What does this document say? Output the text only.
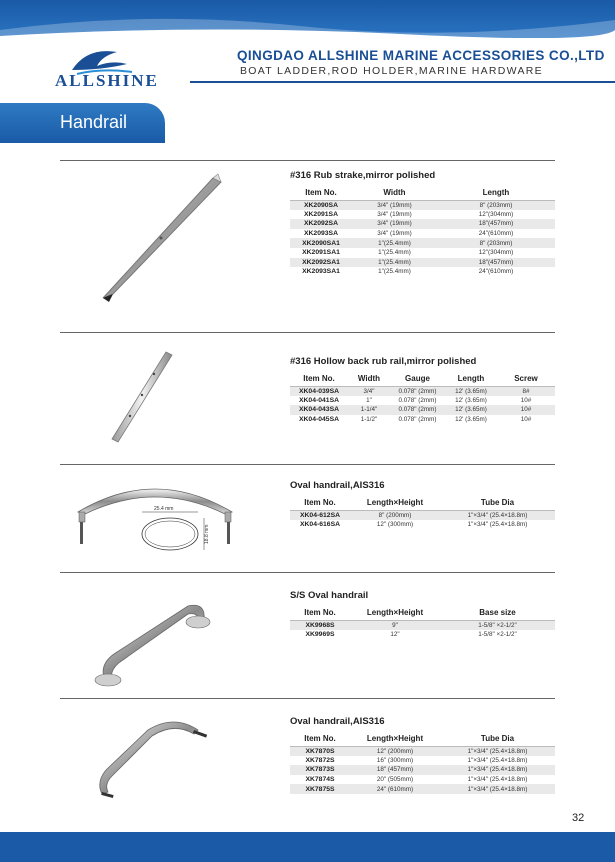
ALLSHINE
QINGDAO ALLSHINE MARINE ACCESSORIES CO.,LTD
BOAT LADDER,ROD HOLDER,MARINE HARDWARE
Handrail
#316 Rub strake,mirror polished
Item No.	Width	Length
XK2090SA	3/4" (19mm)	8" (203mm)
XK2091SA	3/4" (19mm)	12"(304mm)
XK2092SA	3/4" (19mm)	18"(457mm)
XK2093SA	3/4" (19mm)	24"(610mm)
XK2090SA1	1"(25.4mm)	8" (203mm)
XK2091SA1	1"(25.4mm)	12"(304mm)
XK2092SA1	1"(25.4mm)	18"(457mm)
XK2093SA1	1"(25.4mm)	24"(610mm)
#316 Hollow back rub rail,mirror polished
Item No.	Width	Gauge	Length	Screw
XK04-039SA	3/4"	0.078" (2mm)	12' (3.65m)	8#
XK04-041SA	1"	0.078" (2mm)	12' (3.65m)	10#
XK04-043SA	1-1/4"	0.078" (2mm)	12' (3.65m)	10#
XK04-045SA	1-1/2"	0.078" (2mm)	12' (3.65m)	10#
25.4 mm
18.8 mm
Oval handrail,AIS316
Item No.	Length×Height	Tube Dia
XK04-612SA	8" (200mm)	1"×3/4" (25.4×18.8m)
XK04-616SA	12" (300mm)	1"×3/4" (25.4×18.8m)
S/S Oval handrail
Item No.	Length×Height	Base size
XK9968S	9"	1-5/8" ×2-1/2"
XK9969S	12"	1-5/8" ×2-1/2"
Oval handrail,AIS316
Item No.	Length×Height	Tube Dia
XK7870S	12" (200mm)	1"×3/4" (25.4×18.8m)
XK7872S	16" (300mm)	1"×3/4" (25.4×18.8m)
XK7873S	18" (457mm)	1"×3/4" (25.4×18.8m)
XK7874S	20" (505mm)	1"×3/4" (25.4×18.8m)
XK7875S	24" (610mm)	1"×3/4" (25.4×18.8m)
32
